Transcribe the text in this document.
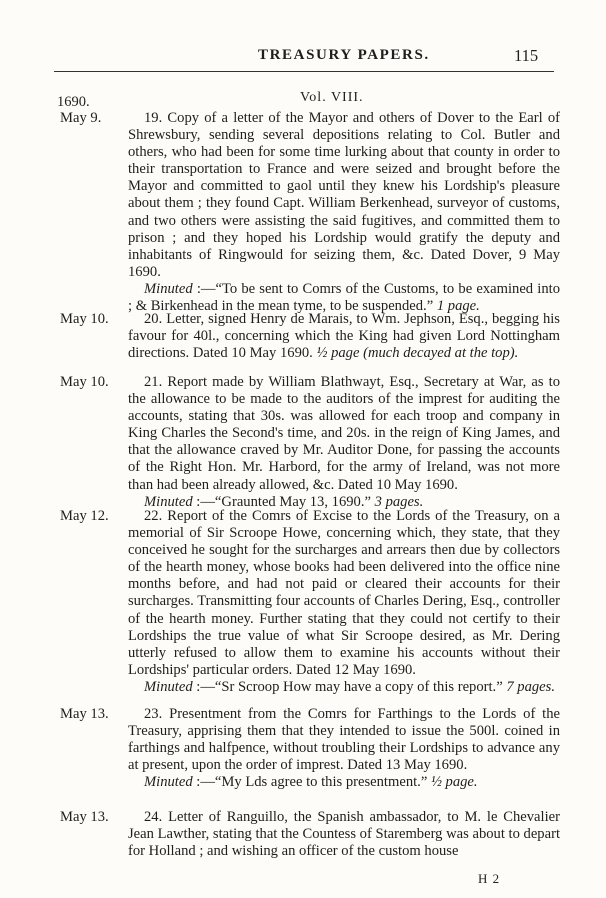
TREASURY PAPERS.	115
1690.	Vol. VIII.
May 9.	19. Copy of a letter of the Mayor and others of Dover to the Earl of Shrewsbury, sending several depositions relating to Col. Butler and others, who had been for some time lurking about that county in order to their transportation to France and were seized and brought before the Mayor and committed to gaol until they knew his Lordship's pleasure about them ; they found Capt. William Berkenhead, surveyor of customs, and two others were assisting the said fugitives, and committed them to prison ; and they hoped his Lordship would gratify the deputy and inhabitants of Ringwould for seizing them, &c. Dated Dover, 9 May 1690.

Minuted :—“To be sent to Comrs of the Customs, to be examined into ; & Birkenhead in the mean tyme, to be suspended.” 1 page.

May 10.	20. Letter, signed Henry de Marais, to Wm. Jephson, Esq., begging his favour for 40l., concerning which the King had given Lord Nottingham directions. Dated 10 May 1690. ½ page (much decayed at the top).

May 10.	21. Report made by William Blathwayt, Esq., Secretary at War, as to the allowance to be made to the auditors of the imprest for auditing the accounts, stating that 30s. was allowed for each troop and company in King Charles the Second's time, and 20s. in the reign of King James, and that the allowance craved by Mr. Auditor Done, for passing the accounts of the Right Hon. Mr. Harbord, for the army of Ireland, was not more than had been already allowed, &c. Dated 10 May 1690.

Minuted :—“Graunted May 13, 1690.” 3 pages.

May 12.	22. Report of the Comrs of Excise to the Lords of the Treasury, on a memorial of Sir Scroope Howe, concerning which, they state, that they conceived he sought for the surcharges and arrears then due by collectors of the hearth money, whose books had been delivered into the office nine months before, and had not paid or cleared their accounts for their surcharges. Transmitting four accounts of Charles Dering, Esq., controller of the hearth money. Further stating that they could not certify to their Lordships the true value of what Sir Scroope desired, as Mr. Dering utterly refused to allow them to examine his accounts without their Lordships' particular orders. Dated 12 May 1690.

Minuted :—“Sr Scroop How may have a copy of this report.” 7 pages.

May 13.	23. Presentment from the Comrs for Farthings to the Lords of the Treasury, apprising them that they intended to issue the 500l. coined in farthings and halfpence, without troubling their Lordships to advance any at present, upon the order of imprest. Dated 13 May 1690.

Minuted :—“My Lds agree to this presentment.” ½ page.

May 13.	24. Letter of Ranguillo, the Spanish ambassador, to M. le Chevalier Jean Lawther, stating that the Countess of Staremberg was about to depart for Holland ; and wishing an officer of the custom house

H 2
